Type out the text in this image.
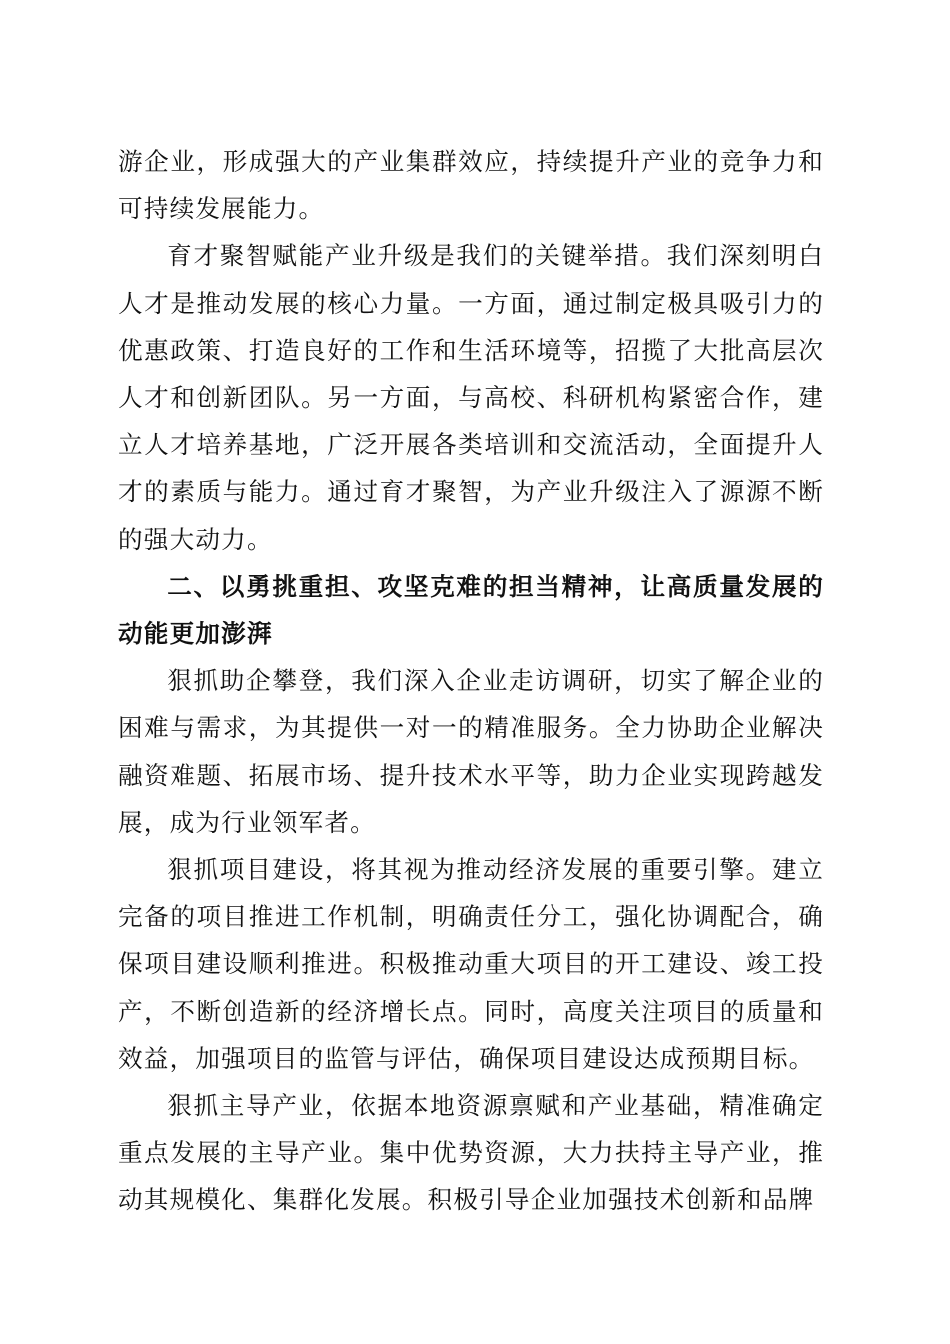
游企业，形成强大的产业集群效应，持续提升产业的竞争力和可持续发展能力。

育才聚智赋能产业升级是我们的关键举措。我们深刻明白人才是推动发展的核心力量。一方面，通过制定极具吸引力的优惠政策、打造良好的工作和生活环境等，招揽了大批高层次人才和创新团队。另一方面，与高校、科研机构紧密合作，建立人才培养基地，广泛开展各类培训和交流活动，全面提升人才的素质与能力。通过育才聚智，为产业升级注入了源源不断的强大动力。

二、以勇挑重担、攻坚克难的担当精神，让高质量发展的动能更加澎湃

狠抓助企攀登，我们深入企业走访调研，切实了解企业的困难与需求，为其提供一对一的精准服务。全力协助企业解决融资难题、拓展市场、提升技术水平等，助力企业实现跨越发展，成为行业领军者。

狠抓项目建设，将其视为推动经济发展的重要引擎。建立完备的项目推进工作机制，明确责任分工，强化协调配合，确保项目建设顺利推进。积极推动重大项目的开工建设、竣工投产，不断创造新的经济增长点。同时，高度关注项目的质量和效益，加强项目的监管与评估，确保项目建设达成预期目标。

狠抓主导产业，依据本地资源禀赋和产业基础，精准确定重点发展的主导产业。集中优势资源，大力扶持主导产业，推动其规模化、集群化发展。积极引导企业加强技术创新和品牌
